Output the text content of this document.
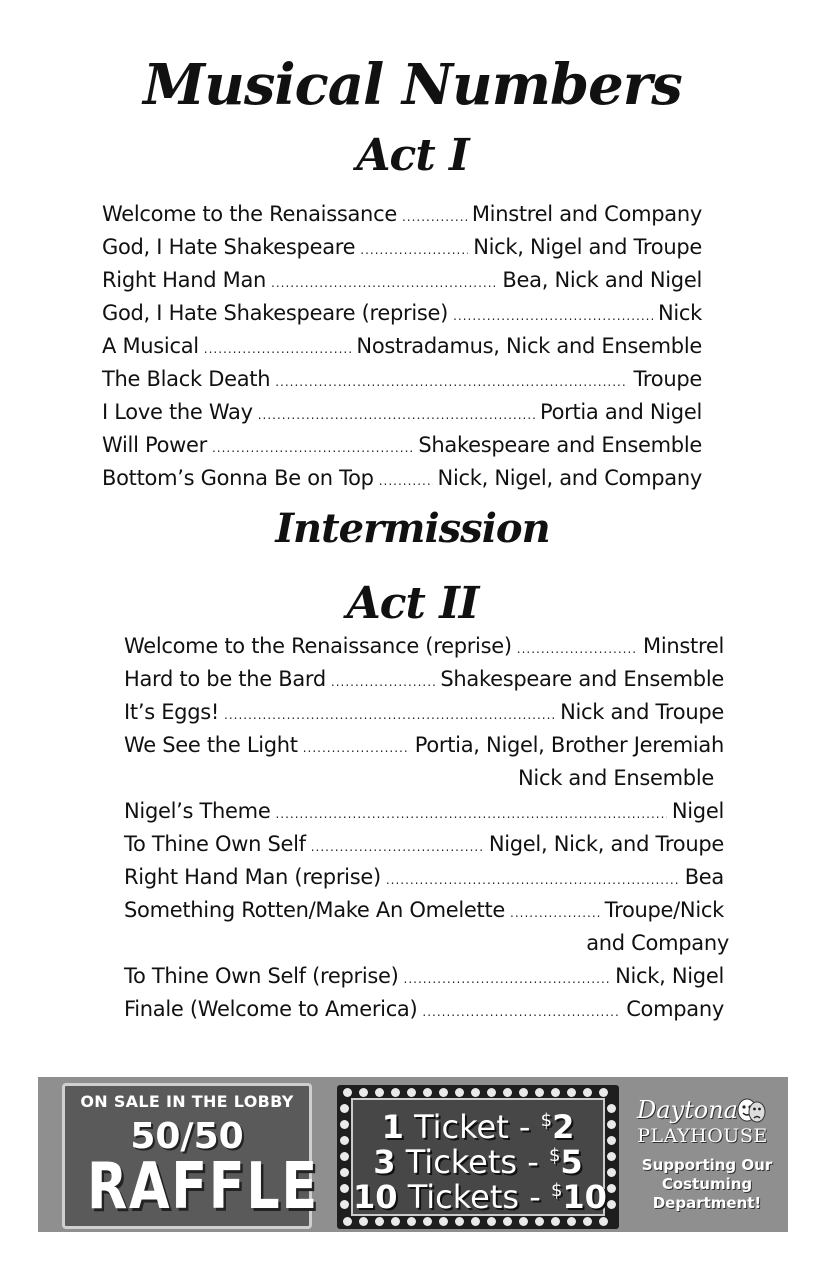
Musical Numbers
Act I
Welcome to the Renaissance .....	Minstrel and Company
God, I Hate Shakespeare .....	Nick, Nigel and Troupe
Right Hand Man .....	Bea, Nick and Nigel
God, I Hate Shakespeare (reprise) .....	Nick
A Musical .....	Nostradamus, Nick and Ensemble
The Black Death .....	Troupe
I Love the Way .....	Portia and Nigel
Will Power .....	Shakespeare and Ensemble
Bottom’s Gonna Be on Top .....	Nick, Nigel, and Company
Intermission
Act II
Welcome to the Renaissance (reprise) .....	Minstrel
Hard to be the Bard .....	Shakespeare and Ensemble
It’s Eggs! .....	Nick and Troupe
We See the Light .....	Portia, Nigel, Brother Jeremiah
Nick and Ensemble
Nigel’s Theme .....	Nigel
To Thine Own Self .....	Nigel, Nick, and Troupe
Right Hand Man (reprise) .....	Bea
Something Rotten/Make An Omelette .....	Troupe/Nick
and Company
To Thine Own Self (reprise) .....	Nick, Nigel
Finale (Welcome to America) .....	Company
ON SALE IN THE LOBBY
50/50
RAFFLE
1 Ticket - $2
3 Tickets - $5
10 Tickets - $10
Daytona
PLAYHOUSE
Supporting Our
Costuming
Department!
